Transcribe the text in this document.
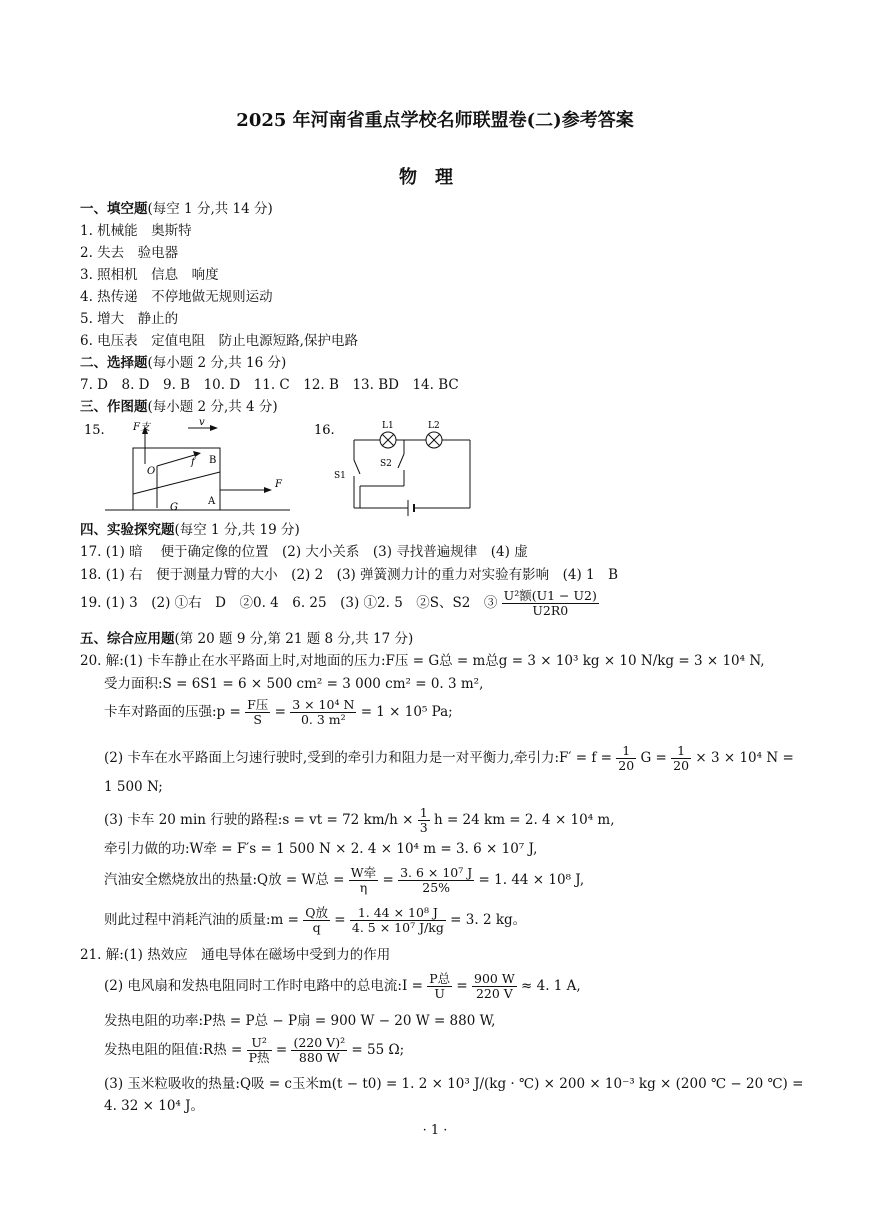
2025 年河南省重点学校名师联盟卷(二)参考答案
物理
一、填空题(每空 1 分,共 14 分)
1. 机械能　奥斯特
2. 失去　验电器
3. 照相机　信息　响度
4. 热传递　不停地做无规则运动
5. 增大　静止的
6. 电压表　定值电阻　防止电源短路,保护电路
二、选择题(每小题 2 分,共 16 分)
7. D　8. D　9. B　10. D　11. C　12. B　13. BD　14. BC
三、作图题(每小题 2 分,共 4 分)
15.	F支	v
O
f B
G
A
F
16.	L1	L2
S1
S2
四、实验探究题(每空 1 分,共 19 分)
17. (1) 暗　 便于确定像的位置　(2) 大小关系　(3) 寻找普遍规律　(4) 虚
18. (1) 右　便于测量力臂的大小　(2) 2　(3) 弹簧测力计的重力对实验有影响　(4) 1　B
19. (1) 3　(2) ①右　D　②0. 4　6. 25　(3) ①2. 5　②S、S2　③ $\frac{\text{U²额(U1 − U2)}}{U2R0}$
五、综合应用题(第 20 题 9 分,第 21 题 8 分,共 17 分)
20. 解:(1) 卡车静止在水平路面上时,对地面的压力:F压 = G总 = m总g = 3 × 10³ kg × 10 N/kg = 3 × 10⁴ N,
受力面积:S = 6S1 = 6 × 500 cm² = 3 000 cm² = 0. 3 m²,
卡车对路面的压强:p = $\frac{\text{F压}}{S} = \frac{\text{3 × 10⁴ N}}{\text{0. 3 m²}} = 1 \times 10^5$ Pa;
(2) 卡车在水平路面上匀速行驶时,受到的牵引力和阻力是一对平衡力,牵引力:F′ = $f = \frac{1}{20}$ $G = \frac{1}{20} \times 3 \times 10^4$ N =
1 500 N;
(3) 卡车 20 min 行驶的路程:s = vt = 72 $km/h \times \frac{1}{3}$ h = 24 km = 2. 4 × 10⁴ m,
牵引力做的功:W牵 = F′s = 1 500 N × 2. 4 × 10⁴ m = 3. 6 × 10⁷ J,
汽油安全燃烧放出的热量:Q放 = W总 = $\frac{\text{W牵}}{\eta} = \frac{\text{3. 6 × 10⁷ J}}{25\%} = 1$. 44 × 10⁸ J,
则此过程中消耗汽油的质量:m = $\frac{\text{Q放}}{q} = \frac{\text{1. 44 × 10⁸ J}}{\text{4. 5 × 10⁷ J/kg}} = 3$. 2 kg。
21. 解:(1) 热效应　通电导体在磁场中受到力的作用
(2) 电风扇和发热电阻同时工作时电路中的总电流:I = $\frac{\text{P总}}{U} = \frac{900 W}{220 V} \approx 4$. 1 A,
发热电阻的功率:P热 = P总 − P扇 = 900 W − 20 W = 880 W,
发热电阻的阻值:R热 = $\frac{\text{U²}}{\text{P热}} = \frac{\text{(220 V)²}}{880 W} = 55$ Ω;
(3) 玉米粒吸收的热量:Q吸 = c玉米m(t − t0) = 1. 2 × 10³ J/(kg · ℃) × 200 × 10⁻³ kg × (200 ℃ − 20 ℃) =
4. 32 × 10⁴ J。
· 1 ·
